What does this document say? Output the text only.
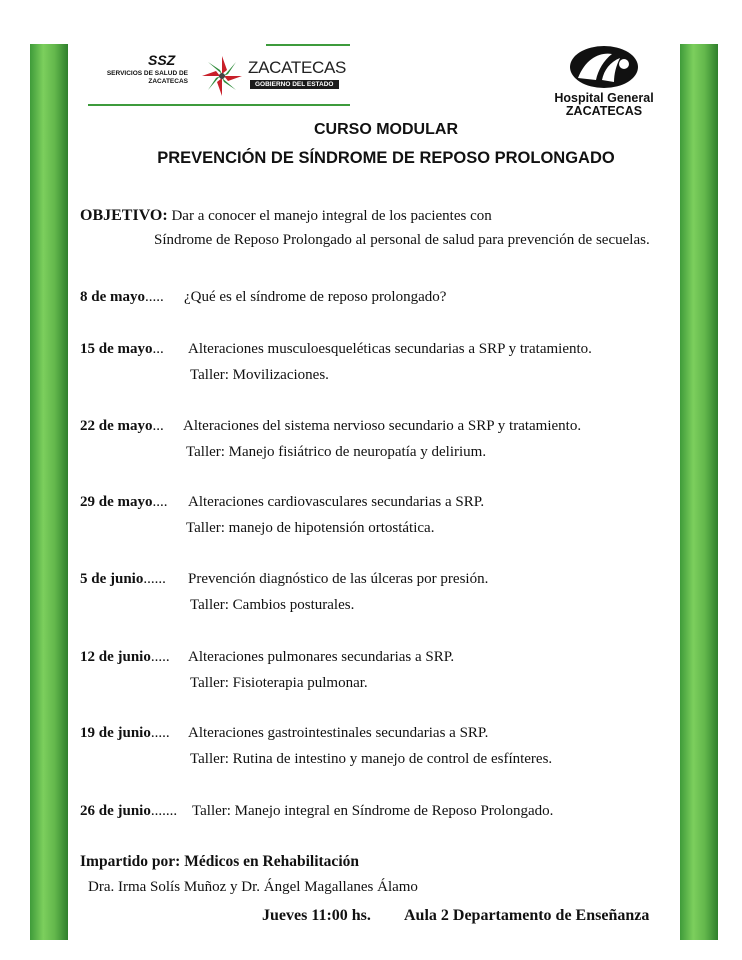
SSZ
SERVICIOS DE SALUD DE ZACATECAS
ZACATECAS
GOBIERNO DEL ESTADO
Hospital General
ZACATECAS
CURSO MODULAR
PREVENCIÓN DE SÍNDROME DE REPOSO PROLONGADO
OBJETIVO: Dar a conocer el manejo integral de los pacientes con
Síndrome de Reposo Prolongado al personal de salud para prevención de secuelas.
8 de mayo..... ¿Qué es el síndrome de reposo prolongado?
15 de mayo... Alteraciones musculoesqueléticas secundarias a SRP y tratamiento.
Taller: Movilizaciones.
22 de mayo... Alteraciones del sistema nervioso secundario a SRP y tratamiento.
Taller: Manejo fisiátrico de neuropatía y delirium.
29 de mayo.... Alteraciones cardiovasculares secundarias a SRP.
Taller: manejo de hipotensión ortostática.
5 de junio...... Prevención diagnóstico de las úlceras por presión.
Taller: Cambios posturales.
12 de junio..... Alteraciones pulmonares secundarias a SRP.
Taller: Fisioterapia pulmonar.
19 de junio..... Alteraciones gastrointestinales secundarias a SRP.
Taller: Rutina de intestino y manejo de control de esfínteres.
26 de junio....... Taller: Manejo integral en Síndrome de Reposo Prolongado.
Impartido por: Médicos en Rehabilitación
Dra. Irma Solís Muñoz y Dr. Ángel Magallanes Álamo
Jueves 11:00 hs. Aula 2 Departamento de Enseñanza
